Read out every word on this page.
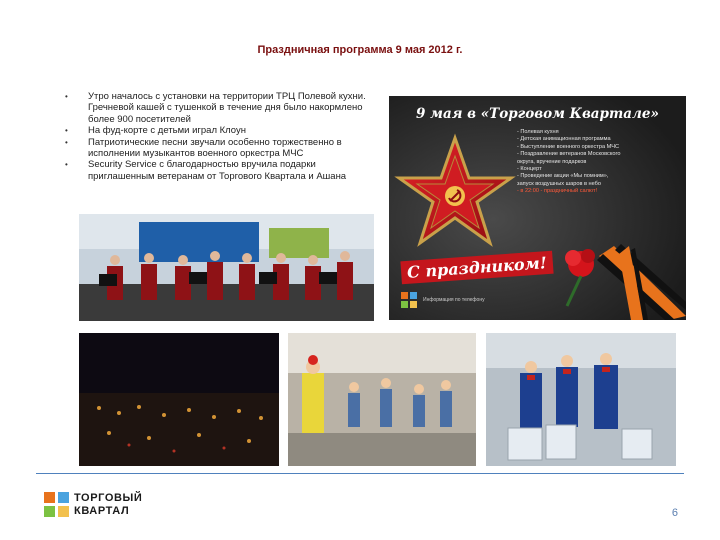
Праздничная программа 9 мая 2012 г.
• Утро началось с установки на территории ТРЦ Полевой кухни. Гречневой кашей с тушенкой в течение дня было накормлено более 900 посетителей
• На фуд-корте с детьми играл Клоун
• Патриотические песни звучали особенно торжественно в исполнении музыкантов военного оркестра МЧС
• Security Service с благодарностью вручила подарки приглашенным ветеранам от Торгового Квартала и Ашана
9 мая в «Торговом Квартале»
- Полевая кухня
- Детская анимационная программа
- Выступление военного оркестра МЧС
- Поздравление ветеранов Московского
округа, вручение подарков
- Концерт
- Проведение акции «Мы помним»,
запуск воздушных шаров в небо
- в 22:00 - праздничный салют!
С праздником!
Информация по телефону
ТОРГОВЫЙ
КВАРТАЛ	6
